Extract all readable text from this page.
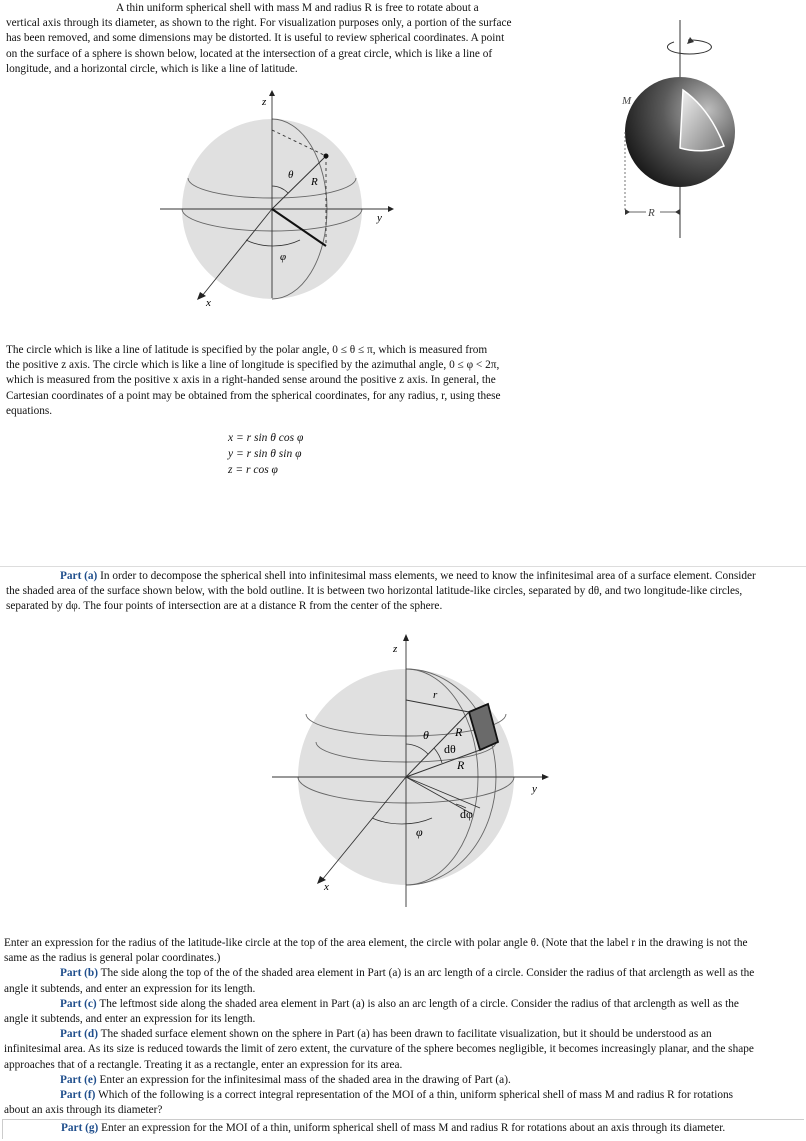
A thin uniform spherical shell with mass M and radius R is free to rotate about a
vertical axis through its diameter, as shown to the right. For visualization purposes only, a portion of the surface
has been removed, and some dimensions may be distorted. It is useful to review spherical coordinates. A point
on the surface of a sphere is shown below, located at the intersection of a great circle, which is like a line of
longitude, and a horizontal circle, which is like a line of latitude.
z
y
x
θ
R
φ
M
R
The circle which is like a line of latitude is specified by the polar angle, 0 ≤ θ ≤ π, which is measured from
the positive z axis. The circle which is like a line of longitude is specified by the azimuthal angle, 0 ≤ φ < 2π,
which is measured from the positive x axis in a right-handed sense around the positive z axis. In general, the
Cartesian coordinates of a point may be obtained from the spherical coordinates, for any radius, r, using these
equations.
x = r sin θ cos φ
y = r sin θ sin φ
z = r cos φ
Part (a) In order to decompose the spherical shell into infinitesimal mass elements, we need to know the infinitesimal area of a surface element. Consider
the shaded area of the surface shown below, with the bold outline. It is between two horizontal latitude-like circles, separated by dθ, and two longitude-like circles,
separated by dφ. The four points of intersection are at a distance R from the center of the sphere.
z
y
x
r
θ R
dθ
R
dφ
φ
Enter an expression for the radius of the latitude-like circle at the top of the area element, the circle with polar angle θ. (Note that the label r in the drawing is not the
same as the radius is general polar coordinates.)
Part (b) The side along the top of the of the shaded area element in Part (a) is an arc length of a circle. Consider the radius of that arclength as well as the
angle it subtends, and enter an expression for its length.
Part (c) The leftmost side along the shaded area element in Part (a) is also an arc length of a circle. Consider the radius of that arclength as well as the
angle it subtends, and enter an expression for its length.
Part (d) The shaded surface element shown on the sphere in Part (a) has been drawn to facilitate visualization, but it should be understood as an
infinitesimal area. As its size is reduced towards the limit of zero extent, the curvature of the sphere becomes negligible, it becomes increasingly planar, and the shape
approaches that of a rectangle. Treating it as a rectangle, enter an expression for its area.
Part (e) Enter an expression for the infinitesimal mass of the shaded area in the drawing of Part (a).
Part (f) Which of the following is a correct integral representation of the MOI of a thin, uniform spherical shell of mass M and radius R for rotations
about an axis through its diameter?
Part (g) Enter an expression for the MOI of a thin, uniform spherical shell of mass M and radius R for rotations about an axis through its diameter.
